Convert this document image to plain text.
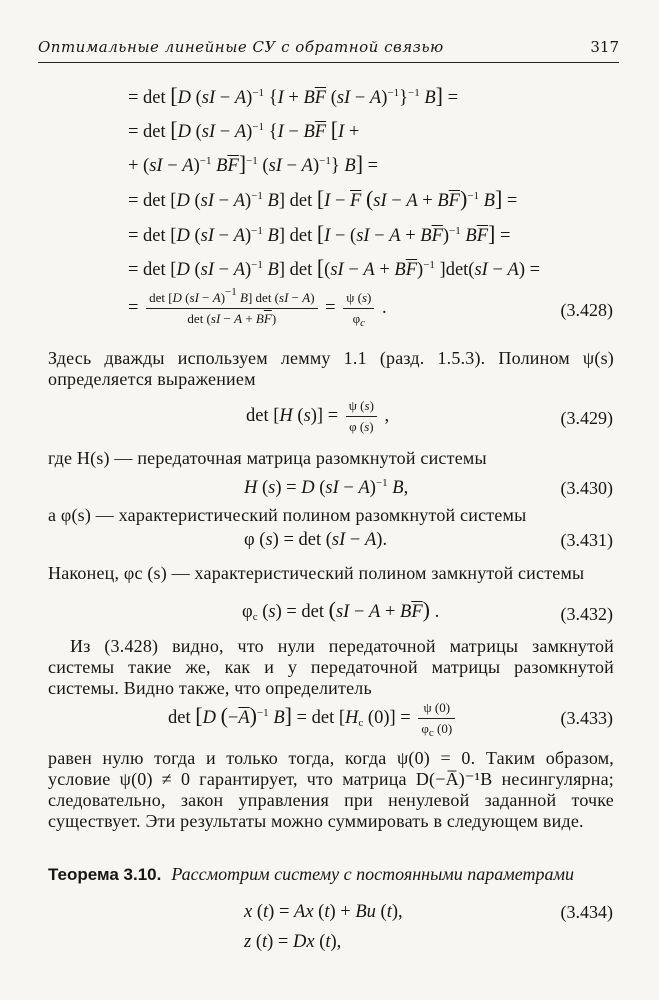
Оптимальные линейные СУ с обратной связью	317
= det [D (sI − A)$^{-1}$ {$I + B\overline{F}$ (sI − A)$^{-1}$}$^{-1}$ B] =
= det [D (sI − A)$^{-1}$ {$I - B\overline{F}$ [I +
+ (sI − A)$^{-1}$ $B\overline{F}]^{-1}$ (sI − A)$^{-1}$} B] =
= det [D (sI − A)$^{-1}$ B] $\det [I - \overline{F}$ $(sI - A + B\overline{F})^{-1}$ B] =
= det [D (sI − A)$^{-1}$ B] $\det [I - (sI - A + B\overline{F})^{-1}$ $B\overline{F}$] =
= det [D (sI − A)$^{-1}$ B] $\det [(sI - A + B\overline{F})^{-1}$ ]det(sI − A) =
= $\frac{\det [D (sI - A)^{-1} B] \det (sI - A)}{\det (sI - A + B\overline{F})} = \frac{\psi (s)}{\varphi_c}$ .	(3.428)
Здесь дважды используем лемму 1.1 (разд. 1.5.3). Полином ψ(s) определяется выражением
det [H $(s)] = \frac{\psi (s)}{\varphi (s)}$ ,	(3.429)
где H(s) — передаточная матрица разомкнутой системы
H (s) = D (sI − A)$^{-1}$ B,	(3.430)
а φ(s) — характеристический полином разомкнутой системы
φ (s) = det (sI − A).	(3.431)
Наконец, φc (s) — характеристический полином замкнутой системы
$\varphi_c$ $(s) = \det (sI - A + B\overline{F})$ .	(3.432)
Из (3.428) видно, что нули передаточной матрицы замкнутой системы такие же, как и у передаточной матрицы разомкнутой системы. Видно также, что определитель
det [D $(-\overline{A})^{-1}$ $B] = \det [H_c$ $(0)] = \frac{\psi (0)}{\varphi_c (0)}$	(3.433)
равен нулю тогда и только тогда, когда ψ(0) = 0. Таким образом, условие ψ(0) ≠ 0 гарантирует, что матрица D(−A̅)⁻¹B несингулярна; следовательно, закон управления при ненулевой заданной точке существует. Эти результаты можно суммировать в следующем виде.
Теорема 3.10. Рассмотрим систему с постоянными параметрами
x (t) = Ax (t) + Bu (t),	(3.434)
z (t) = Dx (t),
